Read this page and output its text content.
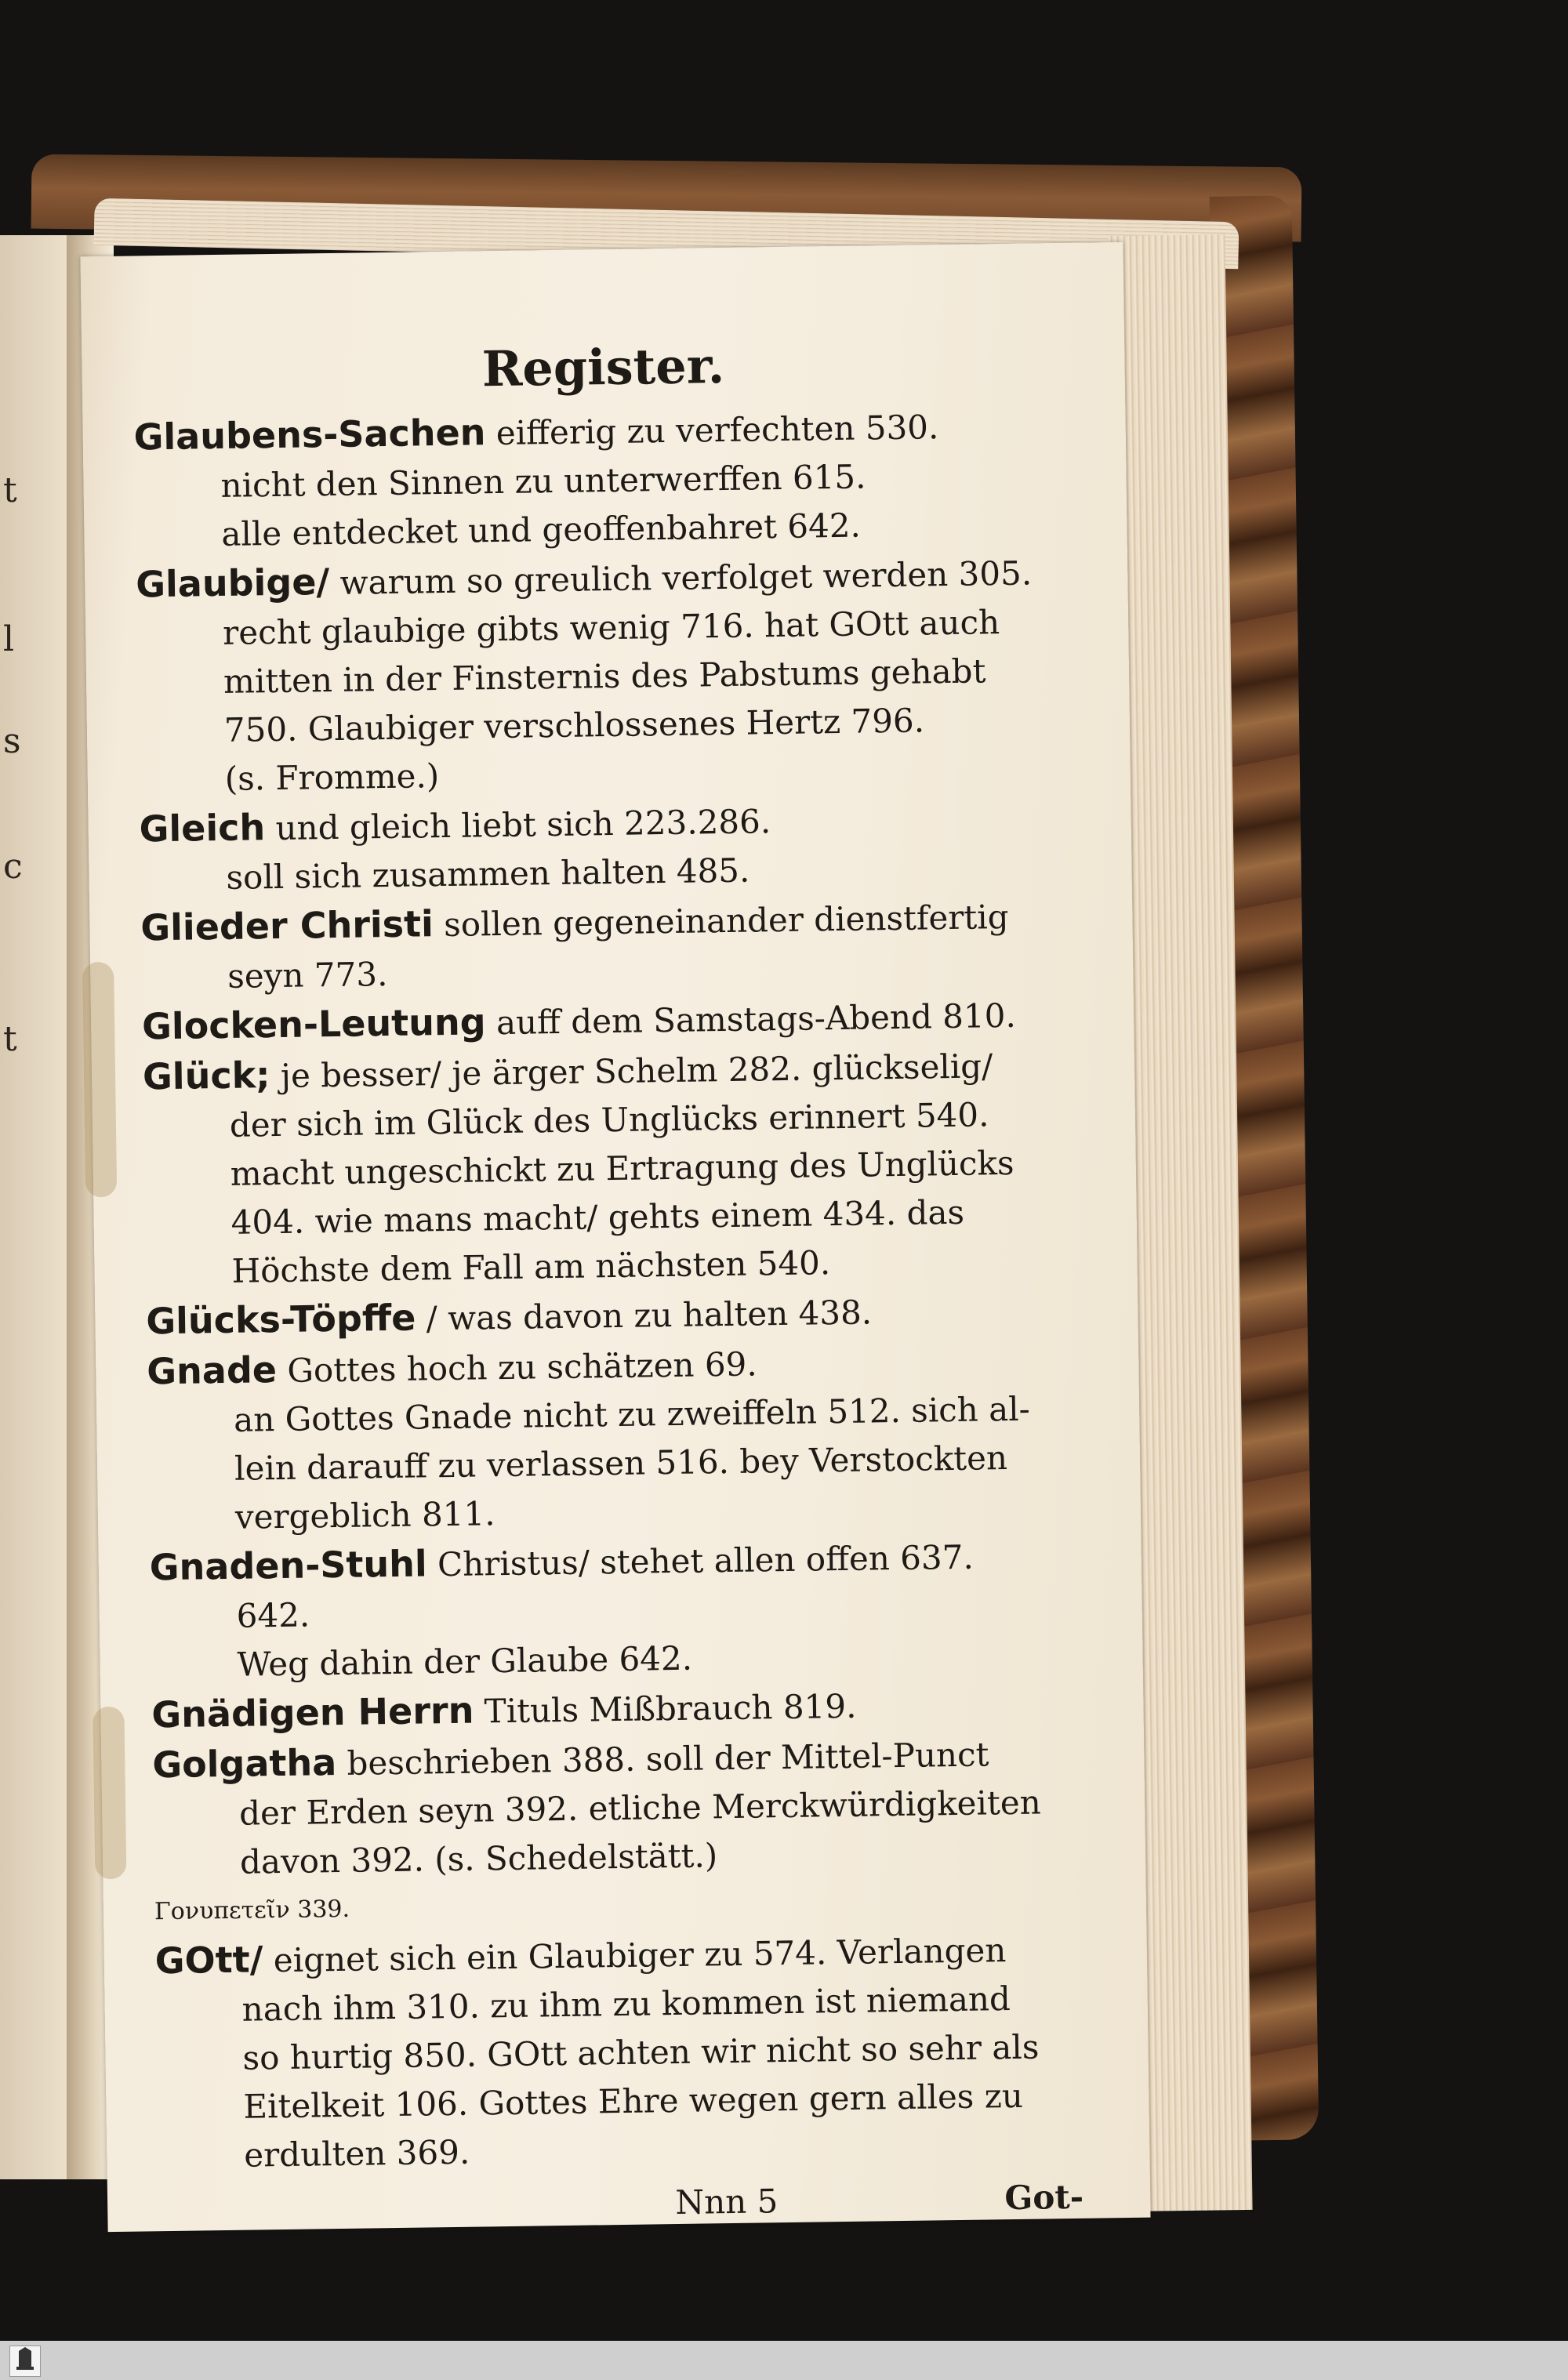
t
l
s
c
t
Register.
Glaubens-Sachen eifferig zu verfechten 530.
nicht den Sinnen zu unterwerffen 615.
alle entdecket und geoffenbahret 642.
Glaubige/ warum so greulich verfolget werden 305.
recht glaubige gibts wenig 716. hat GOtt auch
mitten in der Finsternis des Pabstums gehabt
750. Glaubiger verschlossenes Hertz 796.
(s. Fromme.)
Gleich und gleich liebt sich 223.286.
soll sich zusammen halten 485.
Glieder Christi sollen gegeneinander dienstfertig
seyn 773.
Glocken-Leutung auff dem Samstags-Abend 810.
Glück; je besser/ je ärger Schelm 282. glückselig/
der sich im Glück des Unglücks erinnert 540.
macht ungeschickt zu Ertragung des Unglücks
404. wie mans macht/ gehts einem 434. das
Höchste dem Fall am nächsten 540.
Glücks-Töpffe / was davon zu halten 438.
Gnade Gottes hoch zu schätzen 69.
an Gottes Gnade nicht zu zweiffeln 512. sich al-
lein darauff zu verlassen 516. bey Verstockten
vergeblich 811.
Gnaden-Stuhl Christus/ stehet allen offen 637.
642.
Weg dahin der Glaube 642.
Gnädigen Herrn Tituls Mißbrauch 819.
Golgatha beschrieben 388. soll der Mittel-Punct
der Erden seyn 392. etliche Merckwürdigkeiten
davon 392. (s. Schedelstätt.)
Γονυπετεῖν 339.
GOtt/ eignet sich ein Glaubiger zu 574. Verlangen
nach ihm 310. zu ihm zu kommen ist niemand
so hurtig 850. GOtt achten wir nicht so sehr als
Eitelkeit 106. Gottes Ehre wegen gern alles zu
erdulten 369.
Nnn 5	Got-
